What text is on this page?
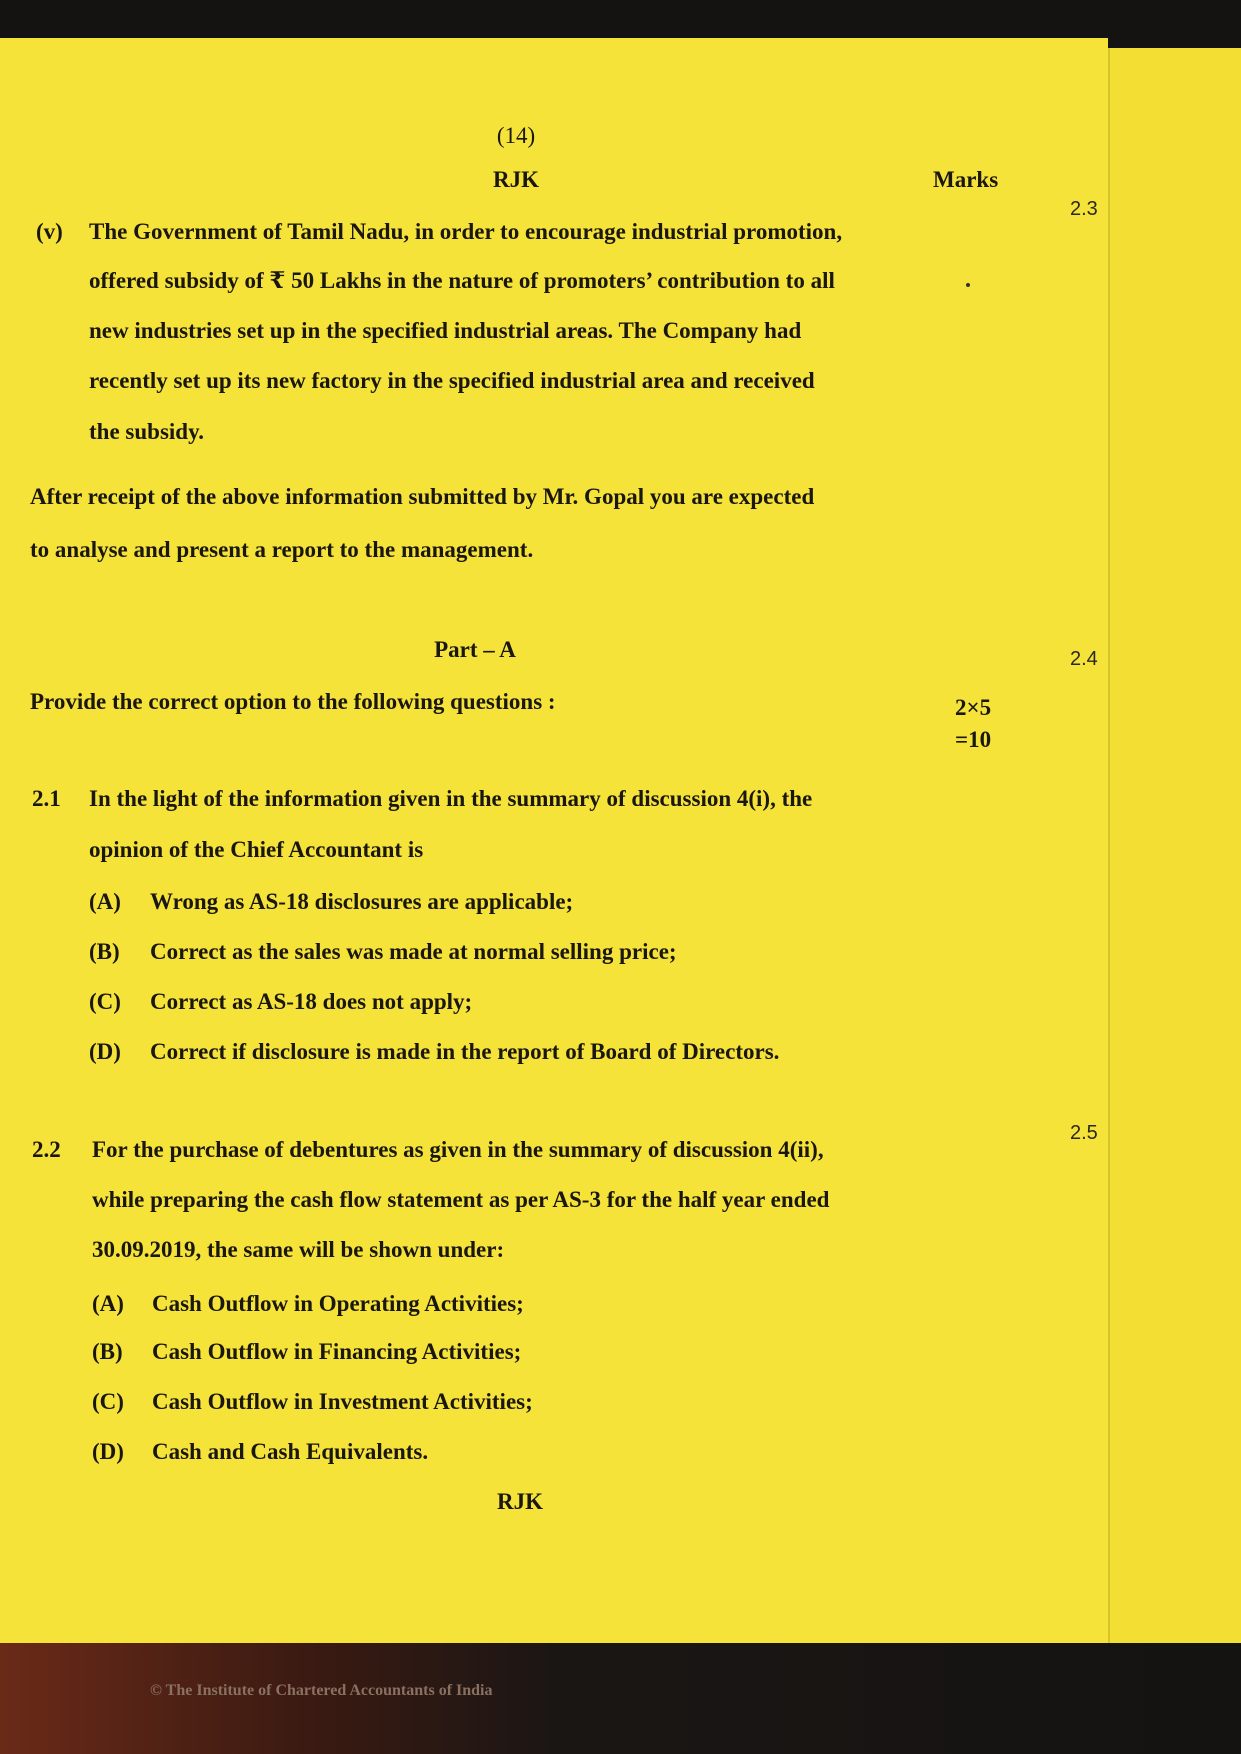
2.3
2.4
2.5
(14)
RJK	Marks
(v) The Government of Tamil Nadu, in order to encourage industrial promotion,
offered subsidy of ₹ 50 Lakhs in the nature of promoters’ contribution to all
new industries set up in the specified industrial areas. The Company had
recently set up its new factory in the specified industrial area and received
the subsidy.
After receipt of the above information submitted by Mr. Gopal you are expected
to analyse and present a report to the management.
Part – A
Provide the correct option to the following questions :	2×5
=10
2.1 In the light of the information given in the summary of discussion 4(i), the
opinion of the Chief Accountant is
(A) Wrong as AS-18 disclosures are applicable;
(B) Correct as the sales was made at normal selling price;
(C) Correct as AS-18 does not apply;
(D) Correct if disclosure is made in the report of Board of Directors.
2.2 For the purchase of debentures as given in the summary of discussion 4(ii),
while preparing the cash flow statement as per AS-3 for the half year ended
30.09.2019, the same will be shown under:
(A) Cash Outflow in Operating Activities;
(B) Cash Outflow in Financing Activities;
(C) Cash Outflow in Investment Activities;
(D) Cash and Cash Equivalents.
RJK
© The Institute of Chartered Accountants of India
